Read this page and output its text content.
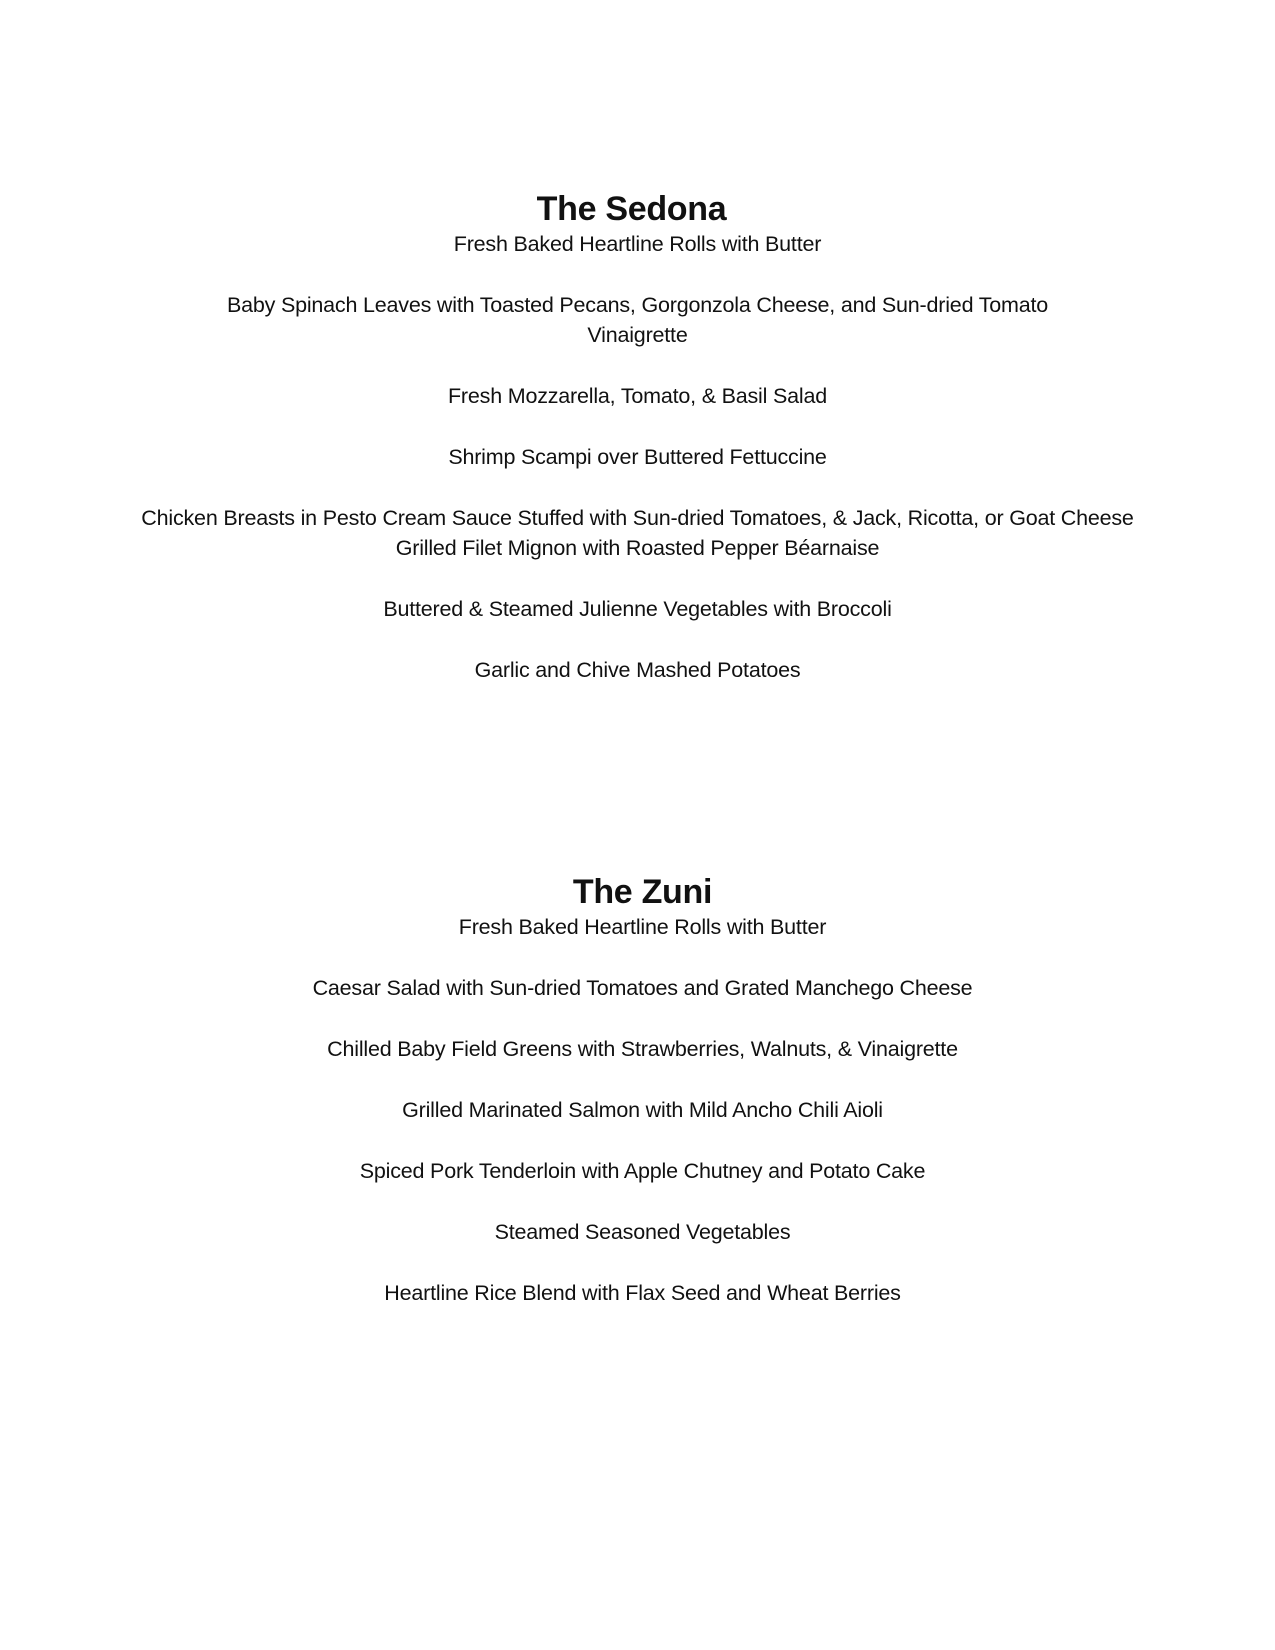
The Sedona
Fresh Baked Heartline Rolls with Butter
Baby Spinach Leaves with Toasted Pecans, Gorgonzola Cheese, and Sun-dried Tomato Vinaigrette
Fresh Mozzarella, Tomato, & Basil Salad
Shrimp Scampi over Buttered Fettuccine
Chicken Breasts in Pesto Cream Sauce Stuffed with Sun-dried Tomatoes, & Jack, Ricotta, or Goat Cheese
Grilled Filet Mignon with Roasted Pepper Béarnaise
Buttered & Steamed Julienne Vegetables with Broccoli
Garlic and Chive Mashed Potatoes
The Zuni
Fresh Baked Heartline Rolls with Butter
Caesar Salad with Sun-dried Tomatoes and Grated Manchego Cheese
Chilled Baby Field Greens with Strawberries, Walnuts, & Vinaigrette
Grilled Marinated Salmon with Mild Ancho Chili Aioli
Spiced Pork Tenderloin with Apple Chutney and Potato Cake
Steamed Seasoned Vegetables
Heartline Rice Blend with Flax Seed and Wheat Berries
